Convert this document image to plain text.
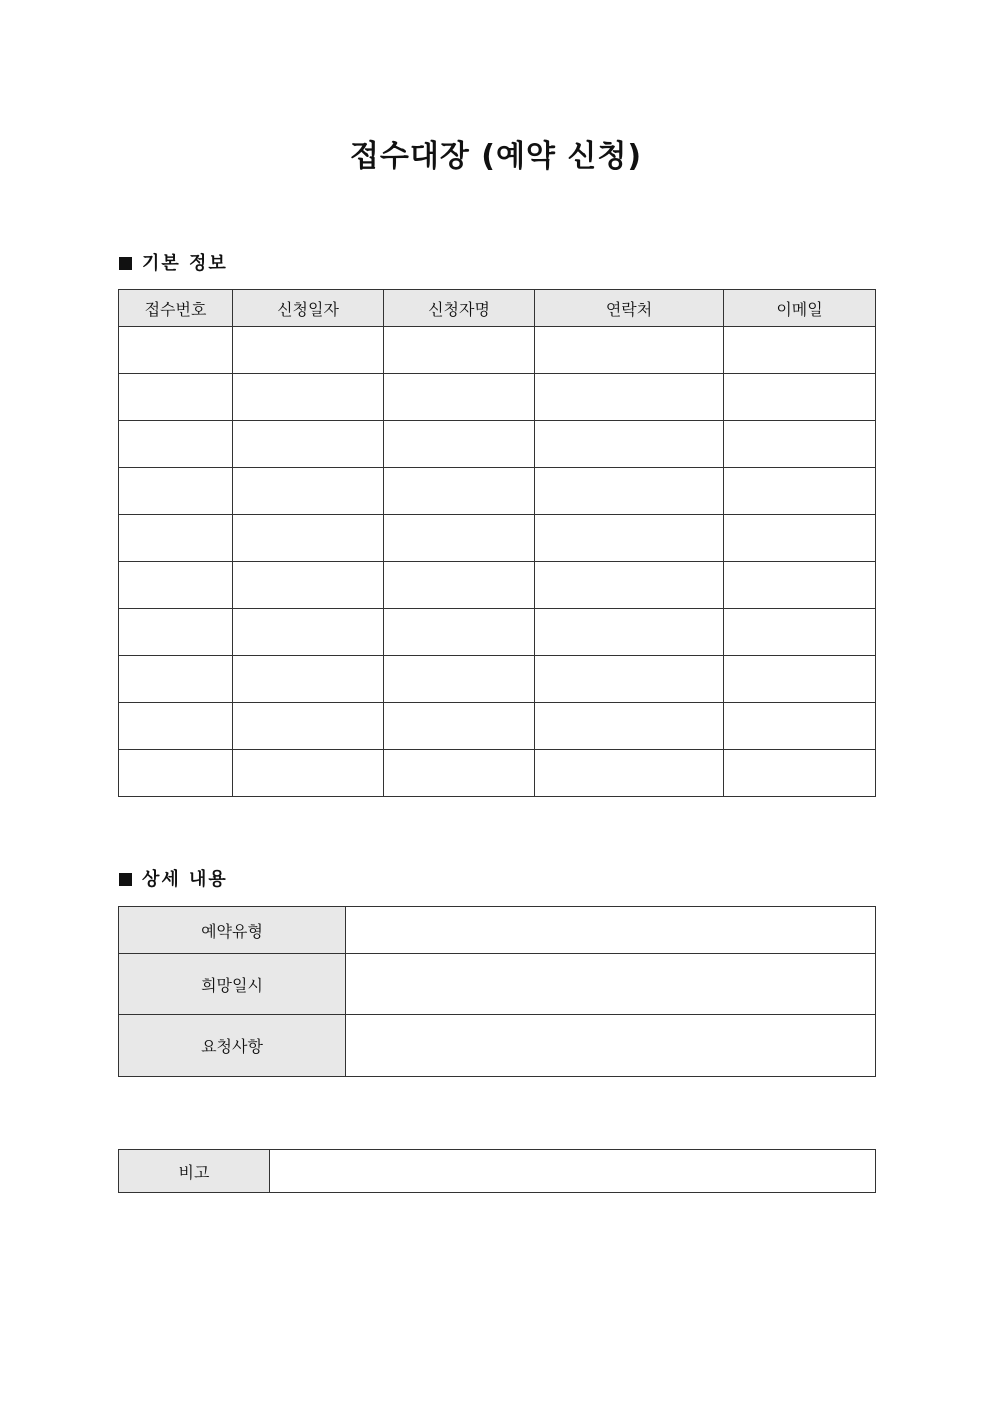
접수대장 (예약 신청)
기본 정보
접수번호	신청일자	신청자명	연락처	이메일

상세 내용
예약유형	
희망일시	
요청사항	
비고	
